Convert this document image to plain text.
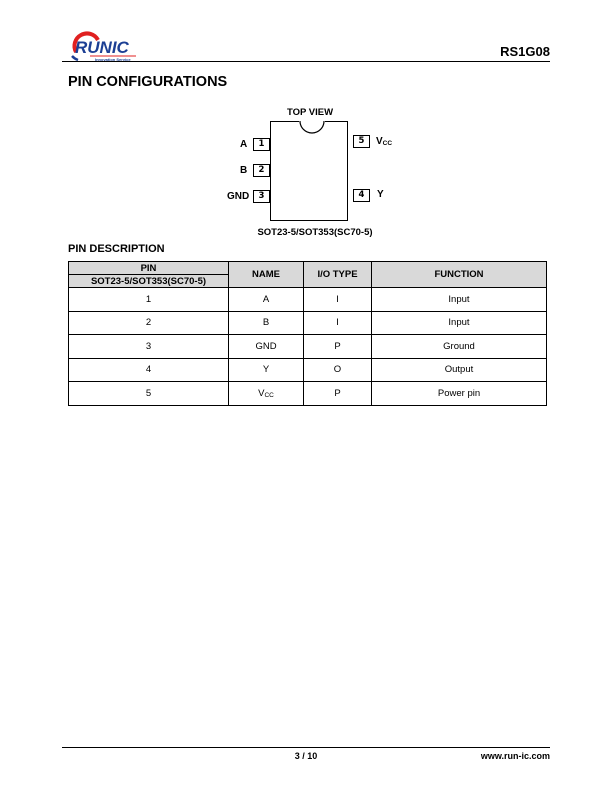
RUNIC
Innovation Service
RS1G08
PIN CONFIGURATIONS
TOP VIEW
A	1
B	2
GND	3
5	$V_{CC}$
4	Y
SOT23-5/SOT353(SC70-5)
PIN DESCRIPTION
PIN	NAME	I/O TYPE	FUNCTION
SOT23-5/SOT353(SC70-5)			
1	A	I	Input
2	B	I	Input
3	GND	P	Ground
4	Y	O	Output
5	$V_{CC}$	P	Power pin
3 / 10	www.run-ic.com
